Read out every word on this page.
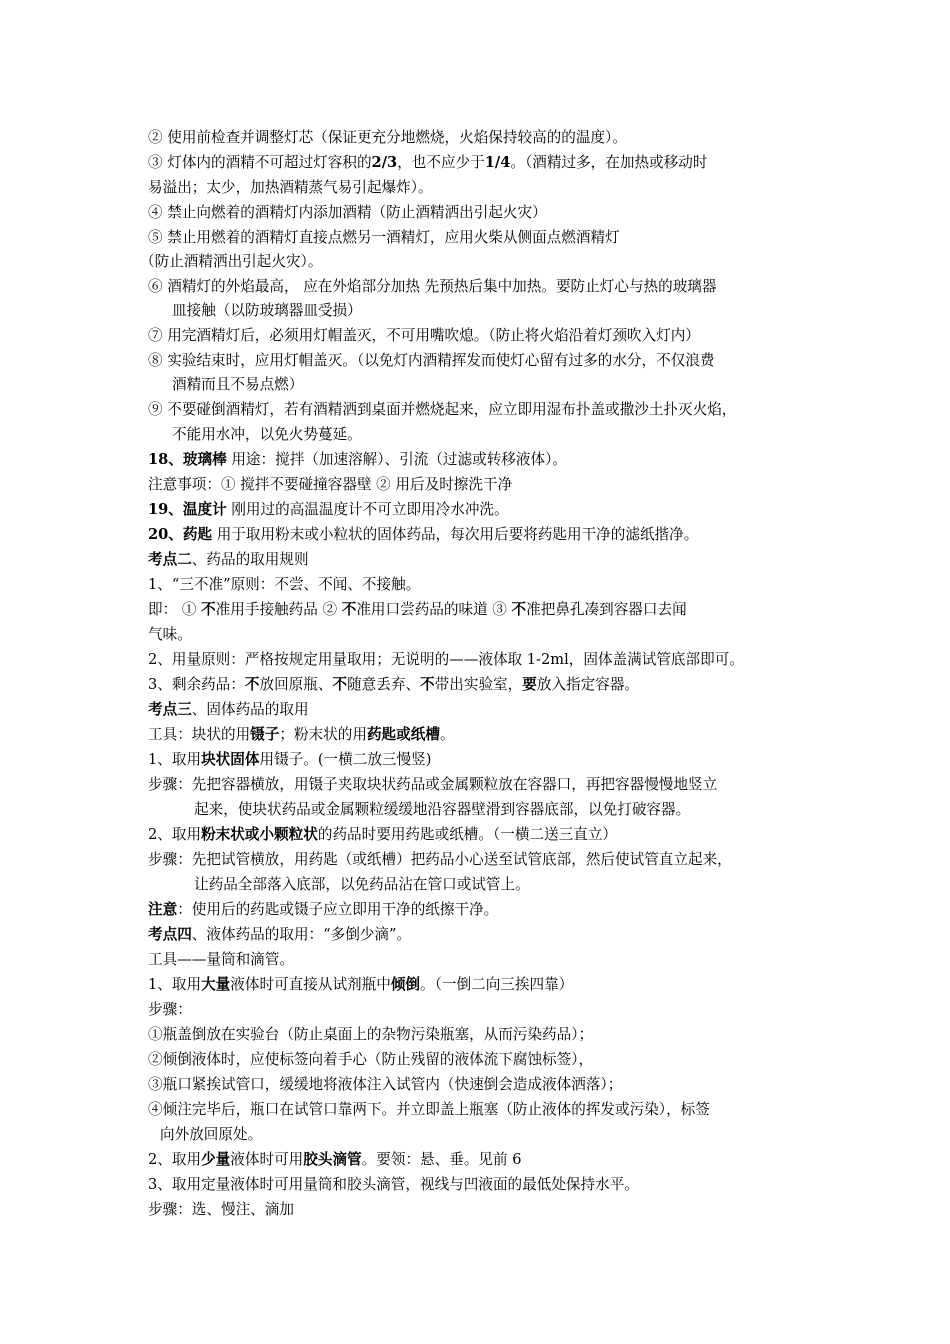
② 使用前检查并调整灯芯（保证更充分地燃烧，火焰保持较高的的温度）。
③ 灯体内的酒精不可超过灯容积的2/3，也不应少于1/4。（酒精过多，在加热或移动时
易溢出；太少，加热酒精蒸气易引起爆炸）。
④ 禁止向燃着的酒精灯内添加酒精（防止酒精洒出引起火灾）
⑤ 禁止用燃着的酒精灯直接点燃另一酒精灯，应用火柴从侧面点燃酒精灯
（防止酒精洒出引起火灾）。
⑥ 酒精灯的外焰最高， 应在外焰部分加热 先预热后集中加热。要防止灯心与热的玻璃器
皿接触（以防玻璃器皿受损）
⑦ 用完酒精灯后，必须用灯帽盖灭，不可用嘴吹熄。（防止将火焰沿着灯颈吹入灯内）
⑧ 实验结束时，应用灯帽盖灭。（以免灯内酒精挥发而使灯心留有过多的水分，不仅浪费
酒精而且不易点燃）
⑨ 不要碰倒酒精灯，若有酒精洒到桌面并燃烧起来，应立即用湿布扑盖或撒沙土扑灭火焰，
不能用水冲，以免火势蔓延。
18、玻璃棒 用途：搅拌（加速溶解）、引流（过滤或转移液体）。
注意事项：① 搅拌不要碰撞容器壁 ② 用后及时擦洗干净
19、温度计 刚用过的高温温度计不可立即用冷水冲洗。
20、药匙 用于取用粉末或小粒状的固体药品，每次用后要将药匙用干净的滤纸揩净。
考点二、药品的取用规则
1、“三不准”原则：不尝、不闻、不接触。
即： ① 不准用手接触药品 ② 不准用口尝药品的味道 ③ 不准把鼻孔凑到容器口去闻
气味。
2、用量原则：严格按规定用量取用；无说明的——液体取 1-2ml，固体盖满试管底部即可。
3、剩余药品：不放回原瓶、不随意丢弃、不带出实验室，要放入指定容器。
考点三、固体药品的取用
工具：块状的用镊子；粉末状的用药匙或纸槽。
1、取用块状固体用镊子。(一横二放三慢竖)
步骤：先把容器横放，用镊子夹取块状药品或金属颗粒放在容器口，再把容器慢慢地竖立
起来，使块状药品或金属颗粒缓缓地沿容器壁滑到容器底部，以免打破容器。
2、取用粉末状或小颗粒状的药品时要用药匙或纸槽。（一横二送三直立）
步骤：先把试管横放，用药匙（或纸槽）把药品小心送至试管底部，然后使试管直立起来，
让药品全部落入底部，以免药品沾在管口或试管上。
注意：使用后的药匙或镊子应立即用干净的纸擦干净。
考点四、液体药品的取用：“多倒少滴”。
工具——量筒和滴管。
1、取用大量液体时可直接从试剂瓶中倾倒。（一倒二向三挨四靠）
步骤：
①瓶盖倒放在实验台（防止桌面上的杂物污染瓶塞，从而污染药品）；
②倾倒液体时，应使标签向着手心（防止残留的液体流下腐蚀标签），
③瓶口紧挨试管口，缓缓地将液体注入试管内（快速倒会造成液体洒落）；
④倾注完毕后，瓶口在试管口靠两下。并立即盖上瓶塞（防止液体的挥发或污染），标签
向外放回原处。
2、取用少量液体时可用胶头滴管。要领：悬、垂。见前 6
3、取用定量液体时可用量筒和胶头滴管，视线与凹液面的最低处保持水平。
步骤：选、慢注、滴加
